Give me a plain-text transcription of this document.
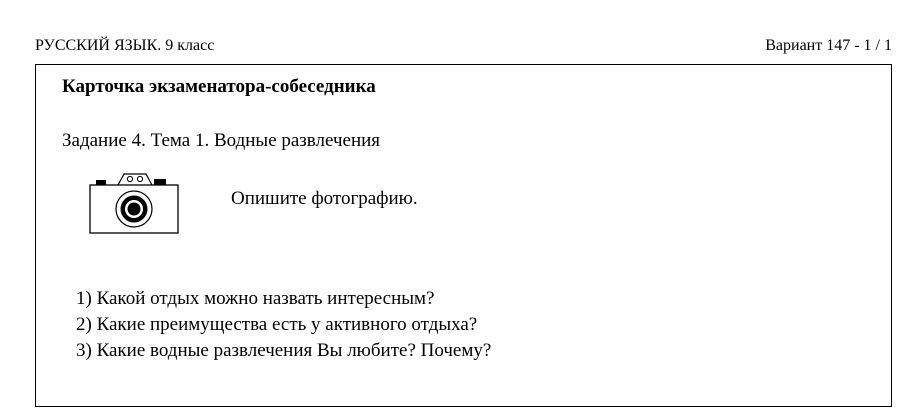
РУССКИЙ ЯЗЫК. 9 класс	Вариант 147 - 1 / 1
Карточка экзаменатора-собеседника
Задание 4. Тема 1. Водные развлечения
Опишите фотографию.
1) Какой отдых можно назвать интересным?
2) Какие преимущества есть у активного отдыха?
3) Какие водные развлечения Вы любите? Почему?
